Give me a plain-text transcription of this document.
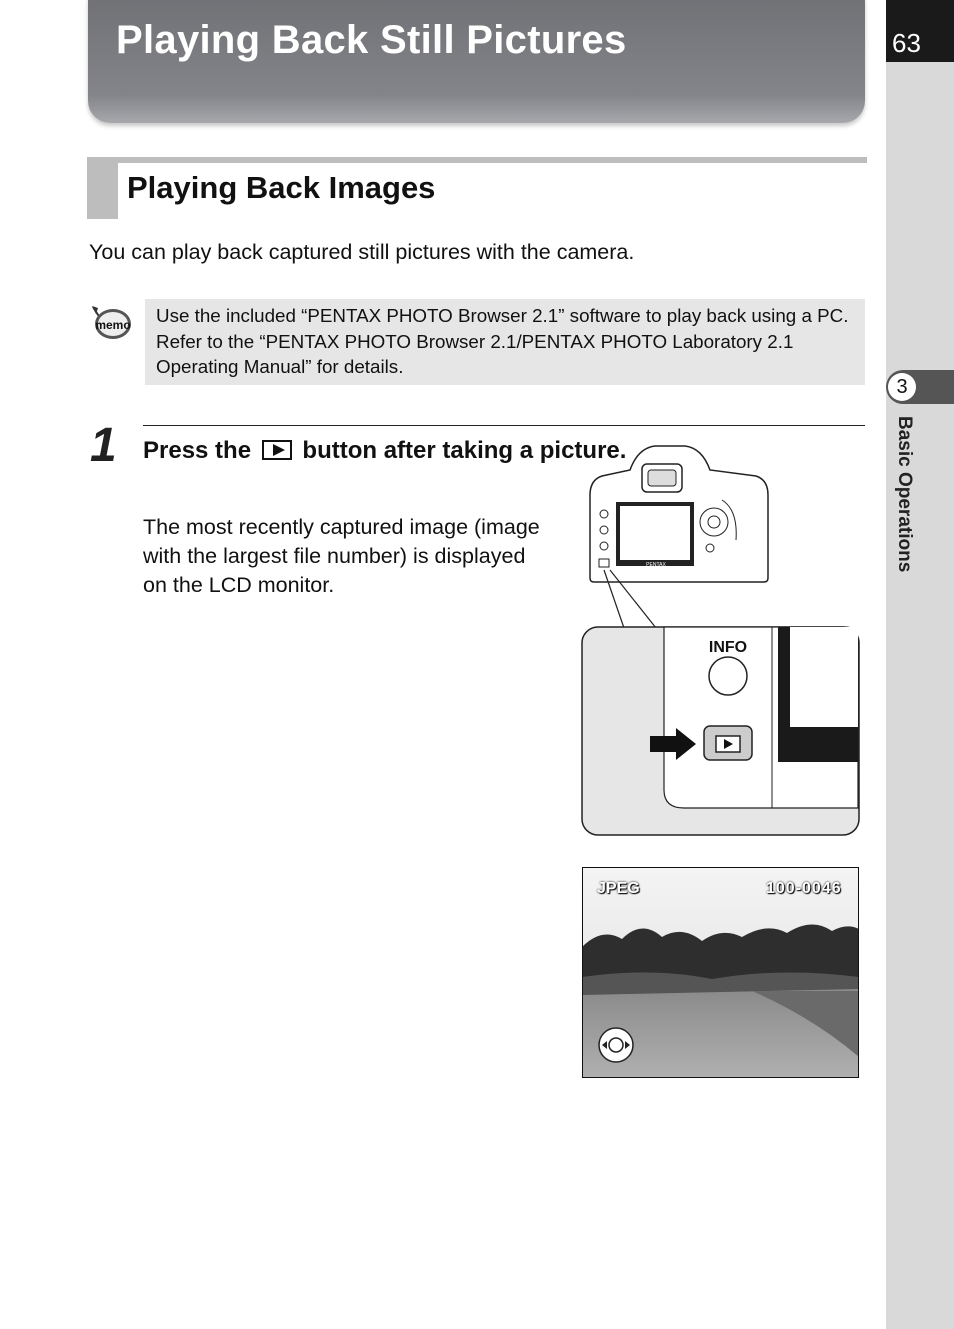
63
3
Basic Operations
Playing Back Still Pictures
Playing Back Images

You can play back captured still pictures with the camera.

memo	Use the included “PENTAX PHOTO Browser 2.1” software to play back using a PC. Refer to the “PENTAX PHOTO Browser 2.1/PENTAX PHOTO Laboratory 2.1 Operating Manual” for details.
1 Press the button after taking a picture.

The most recently captured image (image with the largest file number) is displayed on the LCD monitor.

PENTAX
INFO
JPEG	100-0046
